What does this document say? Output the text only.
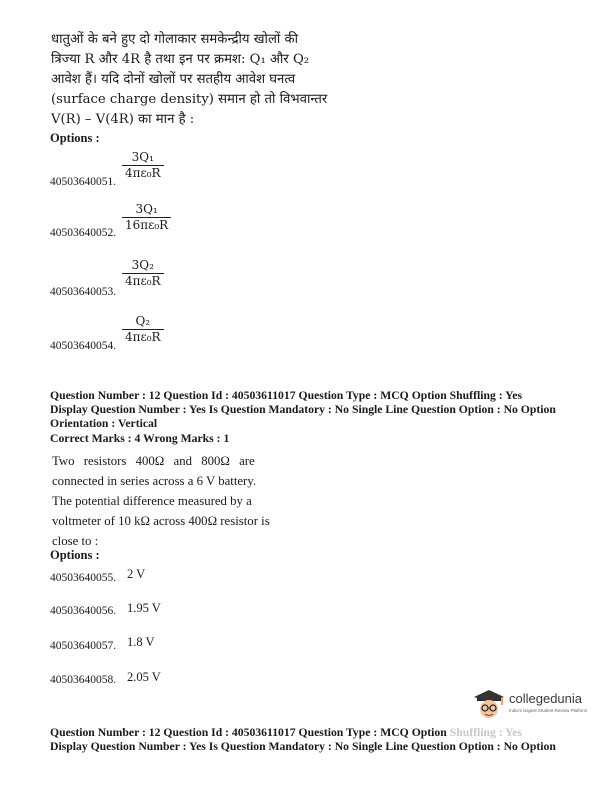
धातुओं के बने हुए दो गोलाकार समकेन्द्रीय खोलों की
त्रिज्या R और 4R है तथा इन पर क्रमश: Q₁ और Q₂
आवेश हैं। यदि दोनों खोलों पर सतहीय आवेश घनत्व
(surface charge density) समान हो तो विभवान्तर
V(R) – V(4R) का मान है :
Options :
40503640051.
$\frac{\text{3Q₁}}{\text{4πε₀R}}$
40503640052. $\frac{\text{3Q₁}}{\text{16πε₀R}}$
40503640053.
$\frac{\text{3Q₂}}{\text{4πε₀R}}$
40503640054.
$\frac{\text{Q₂}}{\text{4πε₀R}}$
Question Number : 12 Question Id : 40503611017 Question Type : MCQ Option Shuffling : Yes
Display Question Number : Yes Is Question Mandatory : No Single Line Question Option : No Option
Orientation : Vertical
Correct Marks : 4 Wrong Marks : 1
Two resistors 400Ω and 800Ω are
connected in series across a 6 V battery.
The potential difference measured by a
voltmeter of 10 kΩ across 400Ω resistor is
close to :
Options :
40503640055. 2 V
40503640056. 1.95 V
40503640057. 1.8 V
40503640058. 2.05 V
collegedunia
India's largest Student Review Platform
Question Number : 12 Question Id : 40503611017 Question Type : MCQ Option Shuffling : Yes
Display Question Number : Yes Is Question Mandatory : No Single Line Question Option : No Option
